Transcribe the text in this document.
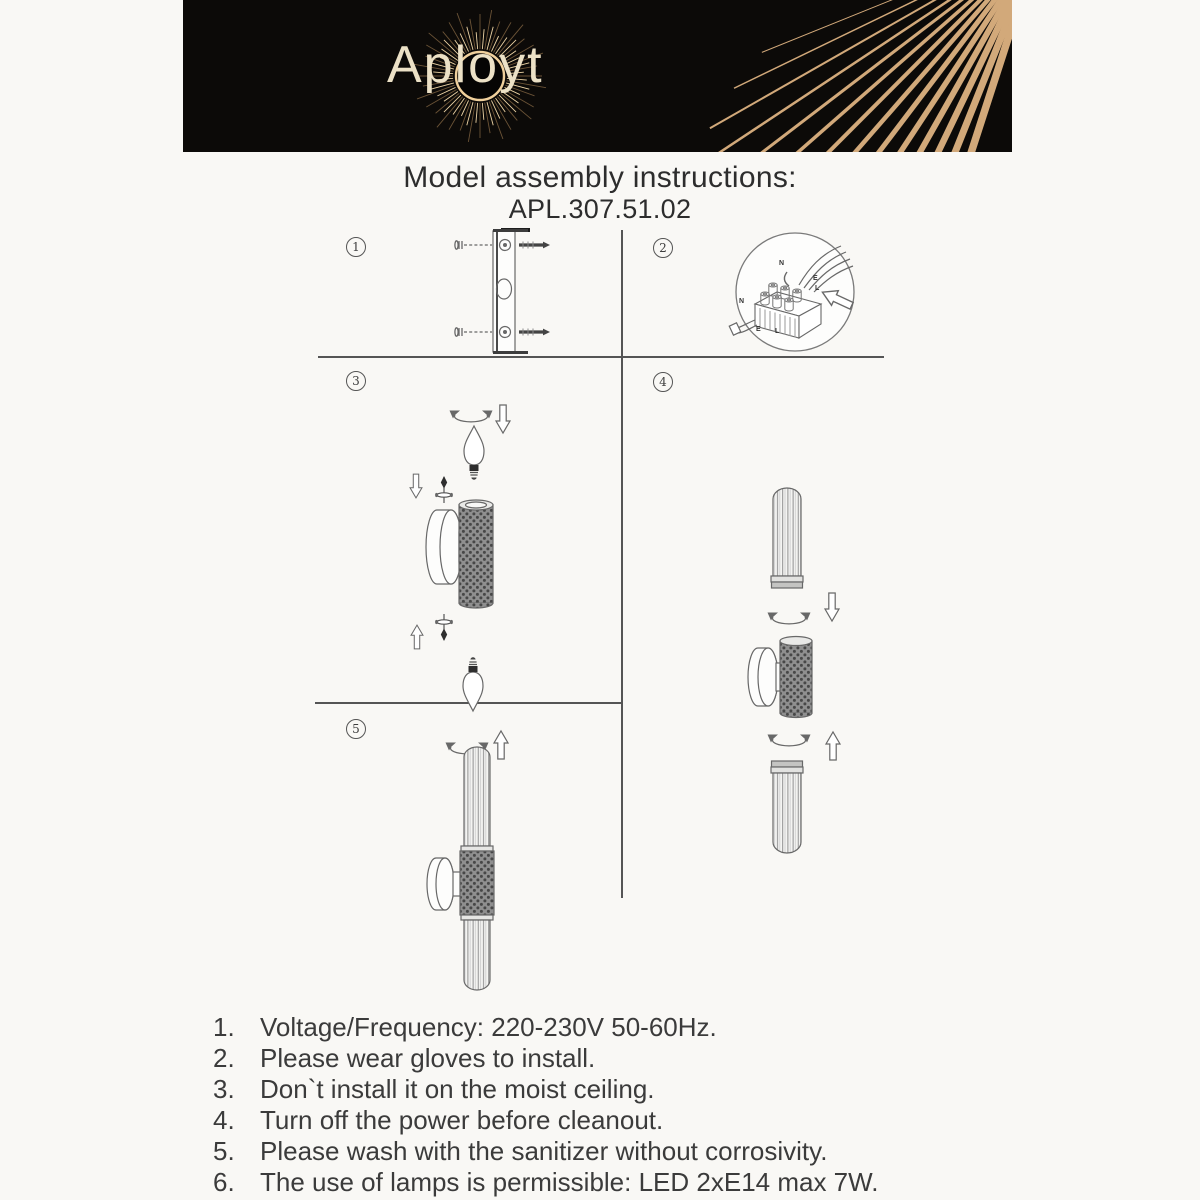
Aployt
Model assembly instructions:
APL.307.51.02
1	2
3	4
5
N
E
L
N
E L
1. Voltage/Frequency: 220-230V 50-60Hz.
2. Please wear gloves to install.
3. Don`t install it on the moist ceiling.
4. Turn off the power before cleanout.
5. Please wash with the sanitizer without corrosivity.
6. The use of lamps is permissible: LED 2xE14 max 7W.
